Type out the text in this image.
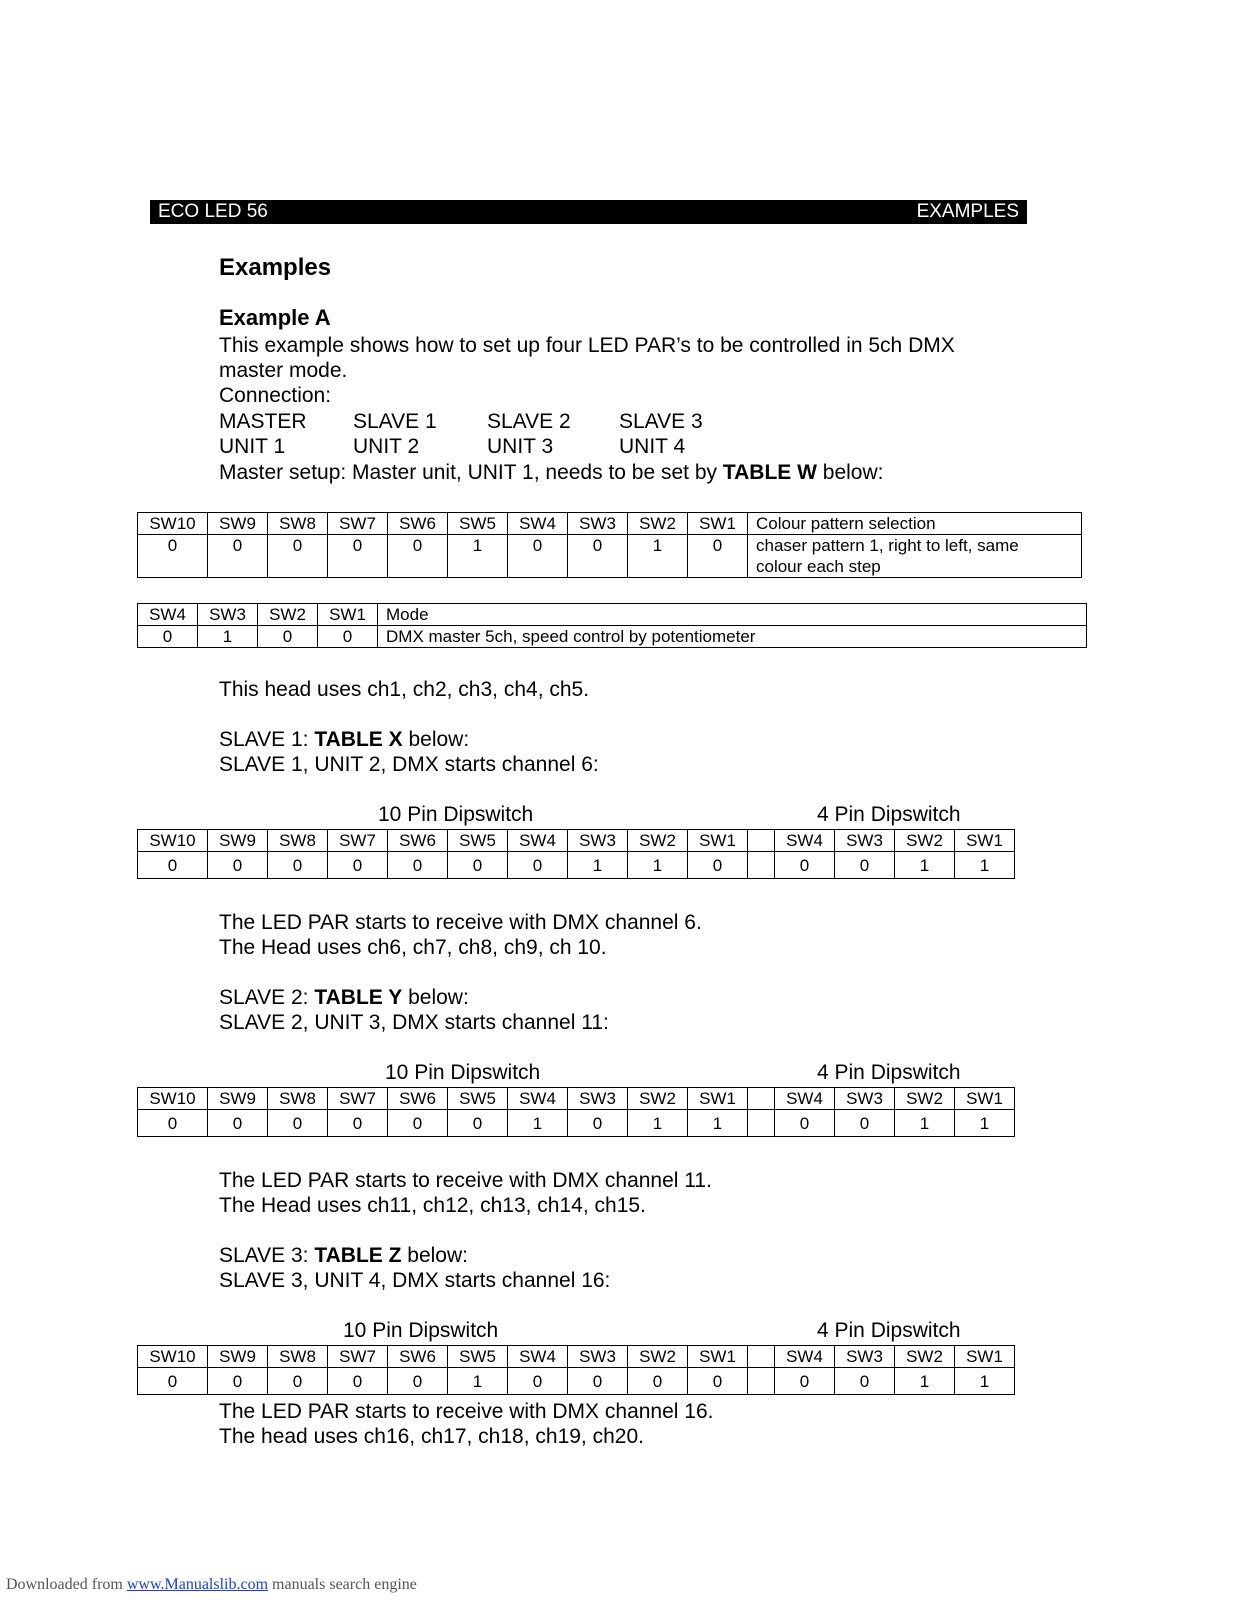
ECO LED 56	EXAMPLES
Examples
Example A
This example shows how to set up four LED PAR’s to be controlled in 5ch DMX
master mode.
Connection:
MASTER SLAVE 1 SLAVE 2 SLAVE 3
UNIT 1	UNIT 2	UNIT 3	UNIT 4
Master setup: Master unit, UNIT 1, needs to be set by TABLE W below:
SW10	SW9	SW8	SW7	SW6	SW5	SW4	SW3	SW2	SW1	Colour pattern selection
0	0	0	0	0	1	0	0	1	0	chaser pattern 1, right to left, same
colour each step
SW4	SW3	SW2	SW1	Mode
0	1	0	0	DMX master 5ch, speed control by potentiometer
This head uses ch1, ch2, ch3, ch4, ch5.
SLAVE 1: TABLE X below:
SLAVE 1, UNIT 2, DMX starts channel 6:
10 Pin Dipswitch	4 Pin Dipswitch
SW10	SW9	SW8	SW7	SW6	SW5	SW4	SW3	SW2	SW1		SW4	SW3	SW2	SW1
0	0	0	0	0	0	0	1	1	0		0	0	1	1
The LED PAR starts to receive with DMX channel 6.
The Head uses ch6, ch7, ch8, ch9, ch 10.
SLAVE 2: TABLE Y below:
SLAVE 2, UNIT 3, DMX starts channel 11:
10 Pin Dipswitch	4 Pin Dipswitch
SW10	SW9	SW8	SW7	SW6	SW5	SW4	SW3	SW2	SW1		SW4	SW3	SW2	SW1
0	0	0	0	0	0	1	0	1	1		0	0	1	1
The LED PAR starts to receive with DMX channel 11.
The Head uses ch11, ch12, ch13, ch14, ch15.
SLAVE 3: TABLE Z below:
SLAVE 3, UNIT 4, DMX starts channel 16:
10 Pin Dipswitch	4 Pin Dipswitch
SW10	SW9	SW8	SW7	SW6	SW5	SW4	SW3	SW2	SW1		SW4	SW3	SW2	SW1
0	0	0	0	0	1	0	0	0	0		0	0	1	1
The LED PAR starts to receive with DMX channel 16.
The head uses ch16, ch17, ch18, ch19, ch20.
Downloaded from www.Manualslib.com manuals search engine
